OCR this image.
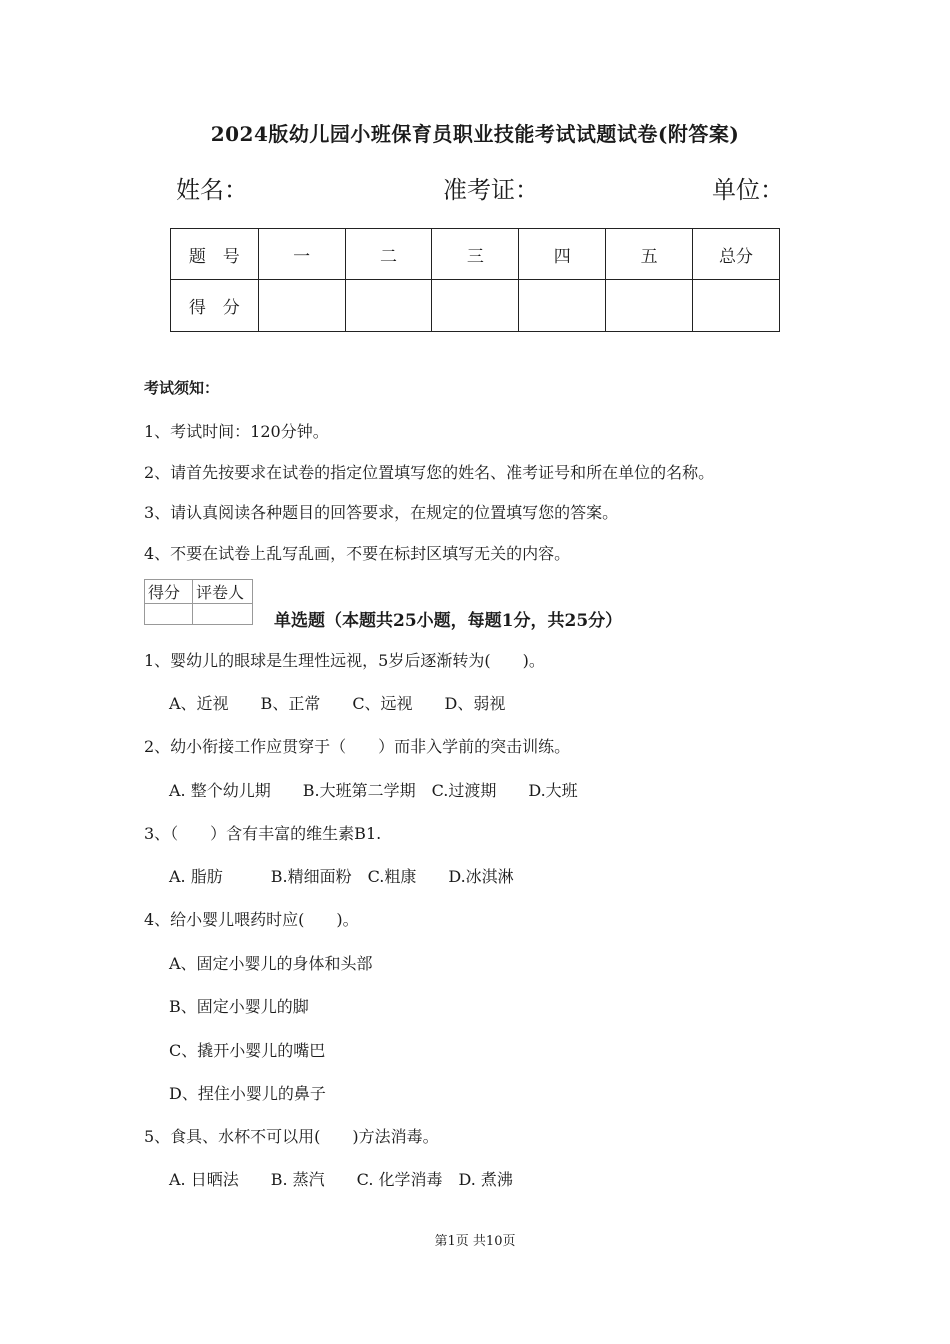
2024版幼儿园小班保育员职业技能考试试题试卷(附答案)
姓名：	准考证：	单位：
题　号	一	二	三	四	五	总分
得　分						
考试须知：
1、考试时间：120分钟。
2、请首先按要求在试卷的指定位置填写您的姓名、准考证号和所在单位的名称。
3、请认真阅读各种题目的回答要求，在规定的位置填写您的答案。
4、不要在试卷上乱写乱画，不要在标封区填写无关的内容。
得分	评卷人

单选题（本题共25小题，每题1分，共25分）
1、婴幼儿的眼球是生理性远视，5岁后逐渐转为(　　)。
A、近视　　B、正常　　C、远视　　D、弱视
2、幼小衔接工作应贯穿于（　　）而非入学前的突击训练。
A. 整个幼儿期　　B.大班第二学期　C.过渡期　　D.大班
3、（　　）含有丰富的维生素B1.
A. 脂肪　　　B.精细面粉　C.粗康　　D.冰淇淋
4、给小婴儿喂药时应(　　)。
A、固定小婴儿的身体和头部
B、固定小婴儿的脚
C、撬开小婴儿的嘴巴
D、捏住小婴儿的鼻子
5、食具、水杯不可以用(　　)方法消毒。
A. 日晒法　　B. 蒸汽　　C. 化学消毒　D. 煮沸
第1页 共10页
